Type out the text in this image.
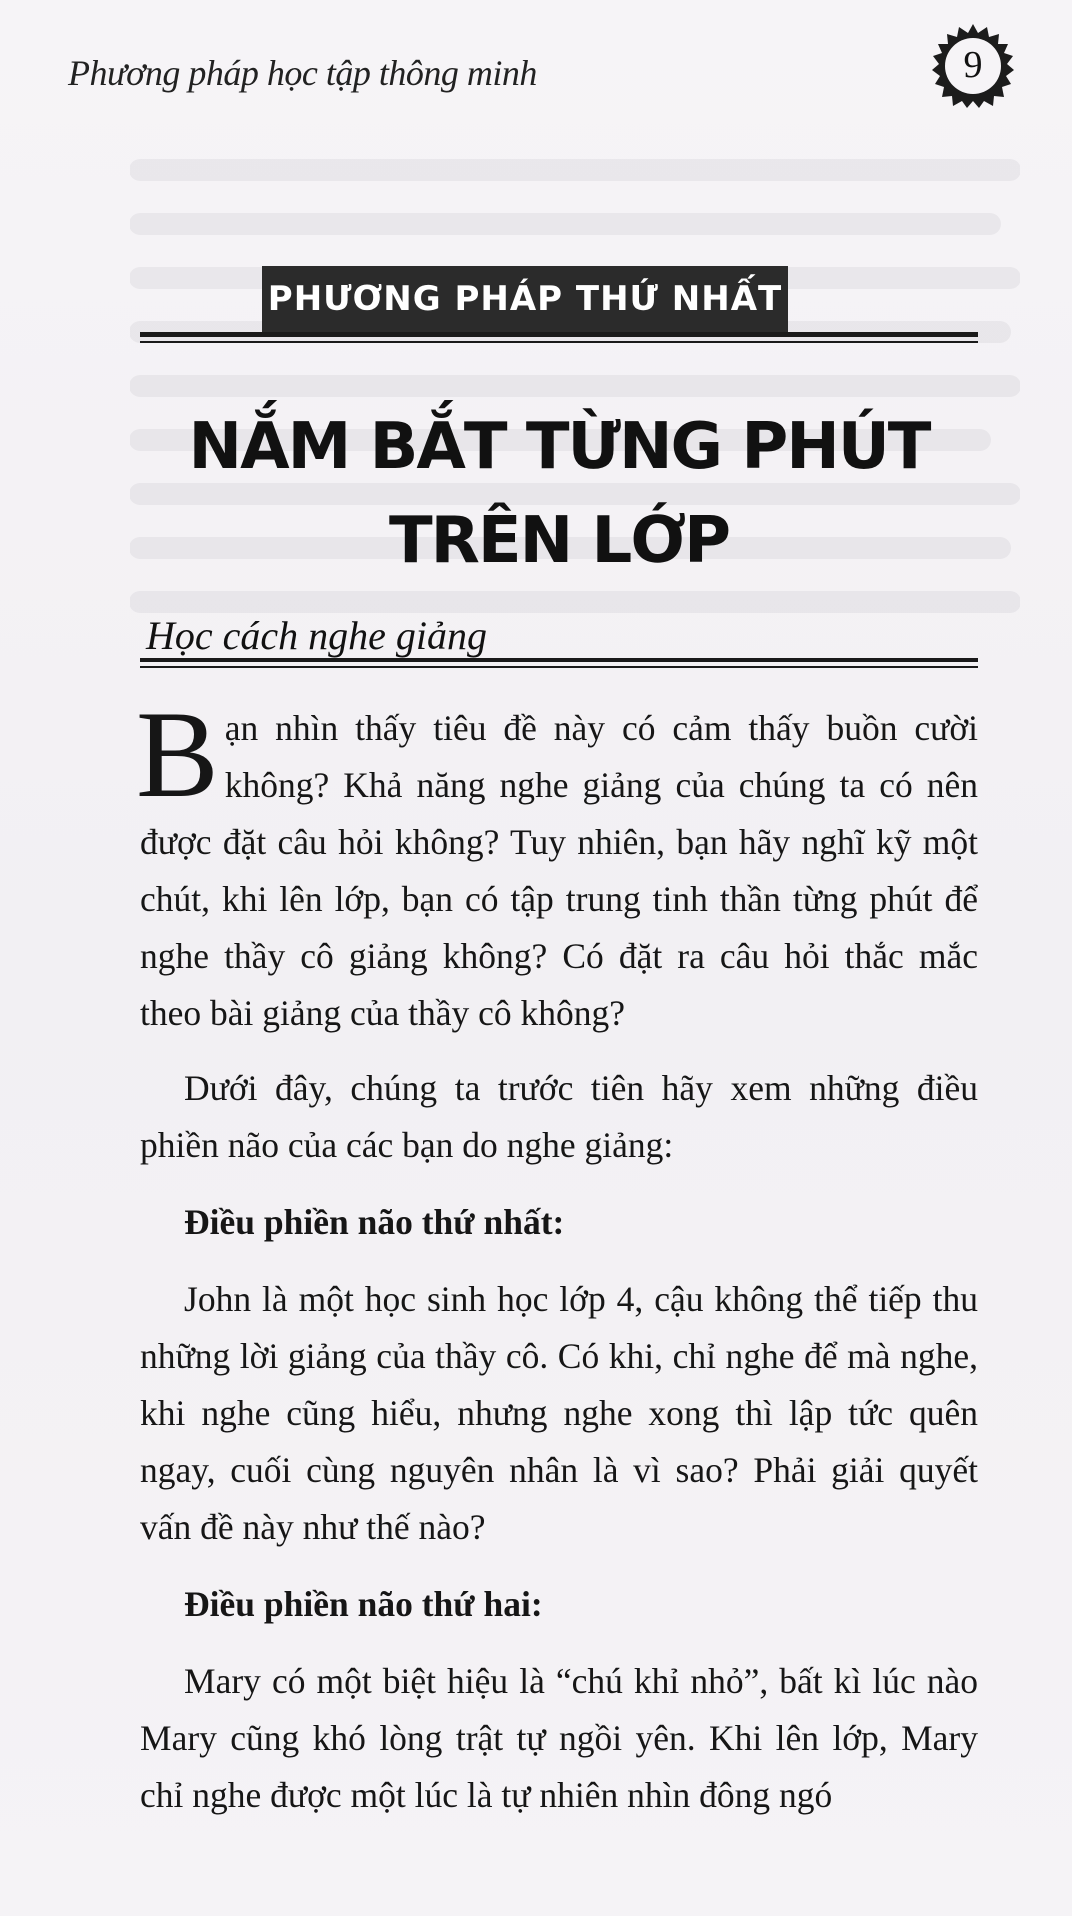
Phương pháp học tập thông minh	9
PHƯƠNG PHÁP THỨ NHẤT
NẮM BẮT TỪNG PHÚT
TRÊN LỚP
Học cách nghe giảng

Bạn nhìn thấy tiêu đề này có cảm thấy buồn cười không? Khả năng nghe giảng của chúng ta có nên được đặt câu hỏi không? Tuy nhiên, bạn hãy nghĩ kỹ một chút, khi lên lớp, bạn có tập trung tinh thần từng phút để nghe thầy cô giảng không? Có đặt ra câu hỏi thắc mắc theo bài giảng của thầy cô không?

Dưới đây, chúng ta trước tiên hãy xem những điều phiền não của các bạn do nghe giảng:

Điều phiền não thứ nhất:

John là một học sinh học lớp 4, cậu không thể tiếp thu những lời giảng của thầy cô. Có khi, chỉ nghe để mà nghe, khi nghe cũng hiểu, nhưng nghe xong thì lập tức quên ngay, cuối cùng nguyên nhân là vì sao? Phải giải quyết vấn đề này như thế nào?

Điều phiền não thứ hai:

Mary có một biệt hiệu là “chú khỉ nhỏ”, bất kì lúc nào Mary cũng khó lòng trật tự ngồi yên. Khi lên lớp, Mary chỉ nghe được một lúc là tự nhiên nhìn đông ngó
